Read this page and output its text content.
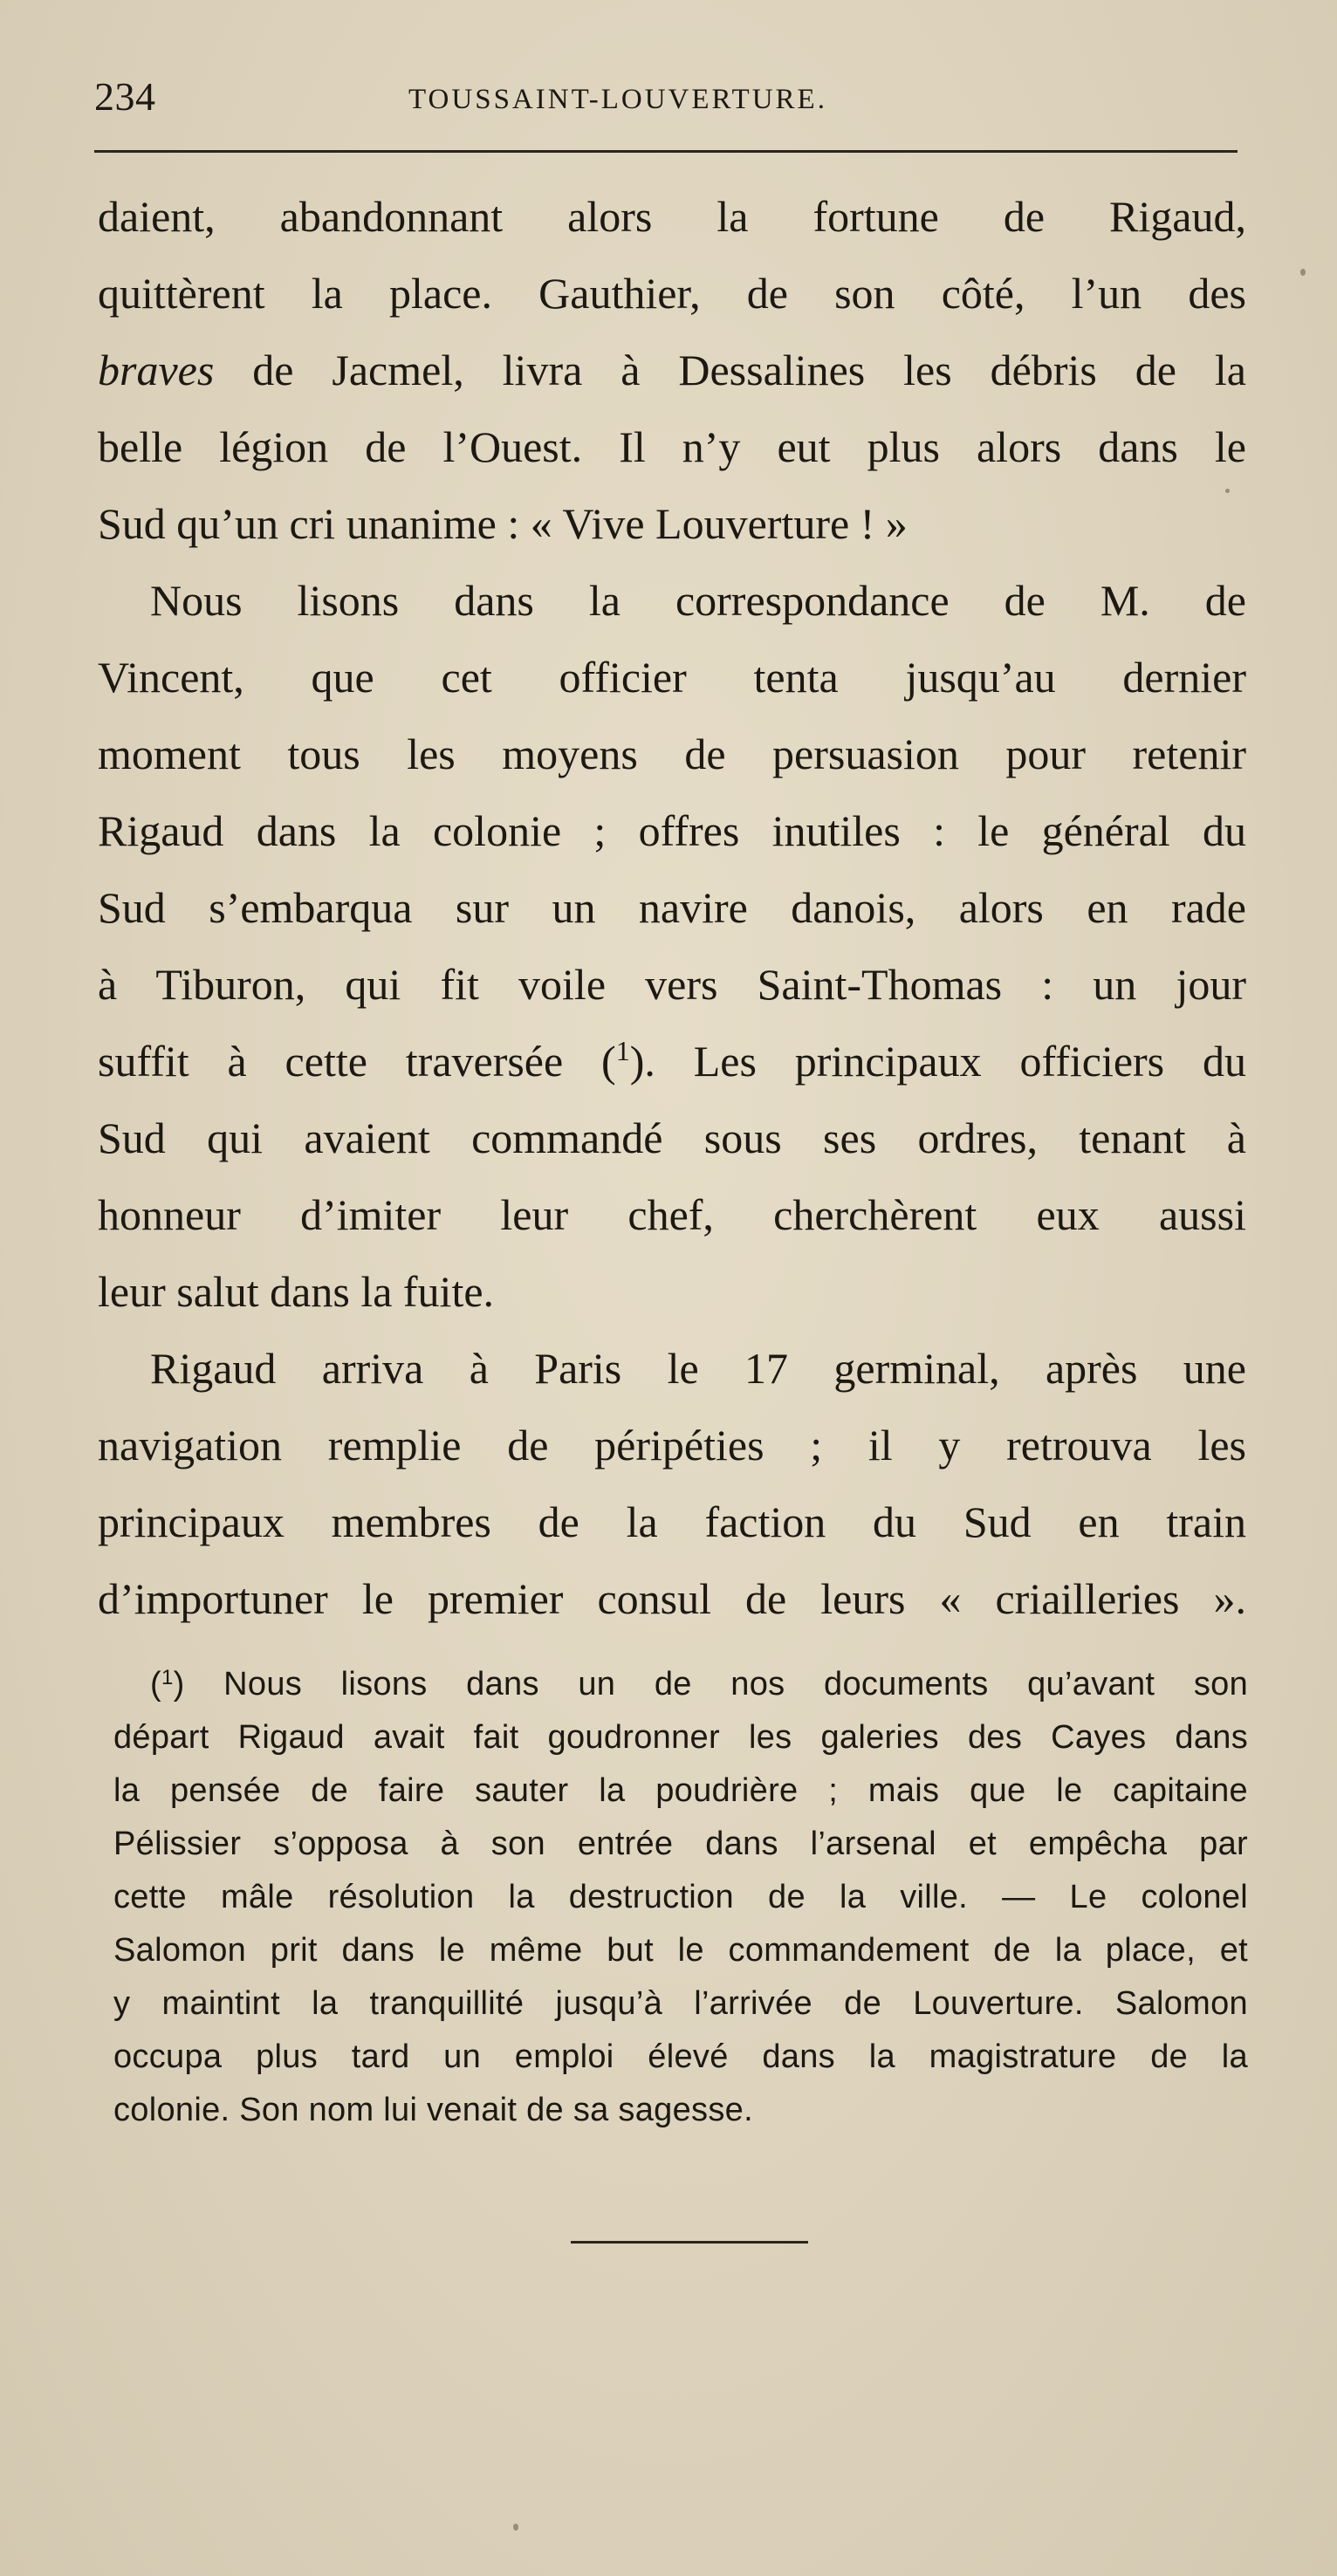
234	TOUSSAINT-LOUVERTURE.
daient, abandonnant alors la fortune de Rigaud,
quittèrent la place. Gauthier, de son côté, l’un des
braves de Jacmel, livra à Dessalines les débris de la
belle légion de l’Ouest. Il n’y eut plus alors dans le
Sud qu’un cri unanime : « Vive Louverture ! »
Nous lisons dans la correspondance de M. de
Vincent, que cet officier tenta jusqu’au dernier
moment tous les moyens de persuasion pour retenir
Rigaud dans la colonie ; offres inutiles : le général du
Sud s’embarqua sur un navire danois, alors en rade
à Tiburon, qui fit voile vers Saint-Thomas : un jour
suffit à cette traversée ($^1$). Les principaux officiers du
Sud qui avaient commandé sous ses ordres, tenant à
honneur d’imiter leur chef, cherchèrent eux aussi
leur salut dans la fuite.
Rigaud arriva à Paris le 17 germinal, après une
navigation remplie de péripéties ; il y retrouva les
principaux membres de la faction du Sud en train
d’importuner le premier consul de leurs « criailleries ».
($^1$) Nous lisons dans un de nos documents qu’avant son
départ Rigaud avait fait goudronner les galeries des Cayes dans
la pensée de faire sauter la poudrière ; mais que le capitaine
Pélissier s’opposa à son entrée dans l’arsenal et empêcha par
cette mâle résolution la destruction de la ville. — Le colonel
Salomon prit dans le même but le commandement de la place, et
y maintint la tranquillité jusqu’à l’arrivée de Louverture. Salomon
occupa plus tard un emploi élevé dans la magistrature de la
colonie. Son nom lui venait de sa sagesse.
